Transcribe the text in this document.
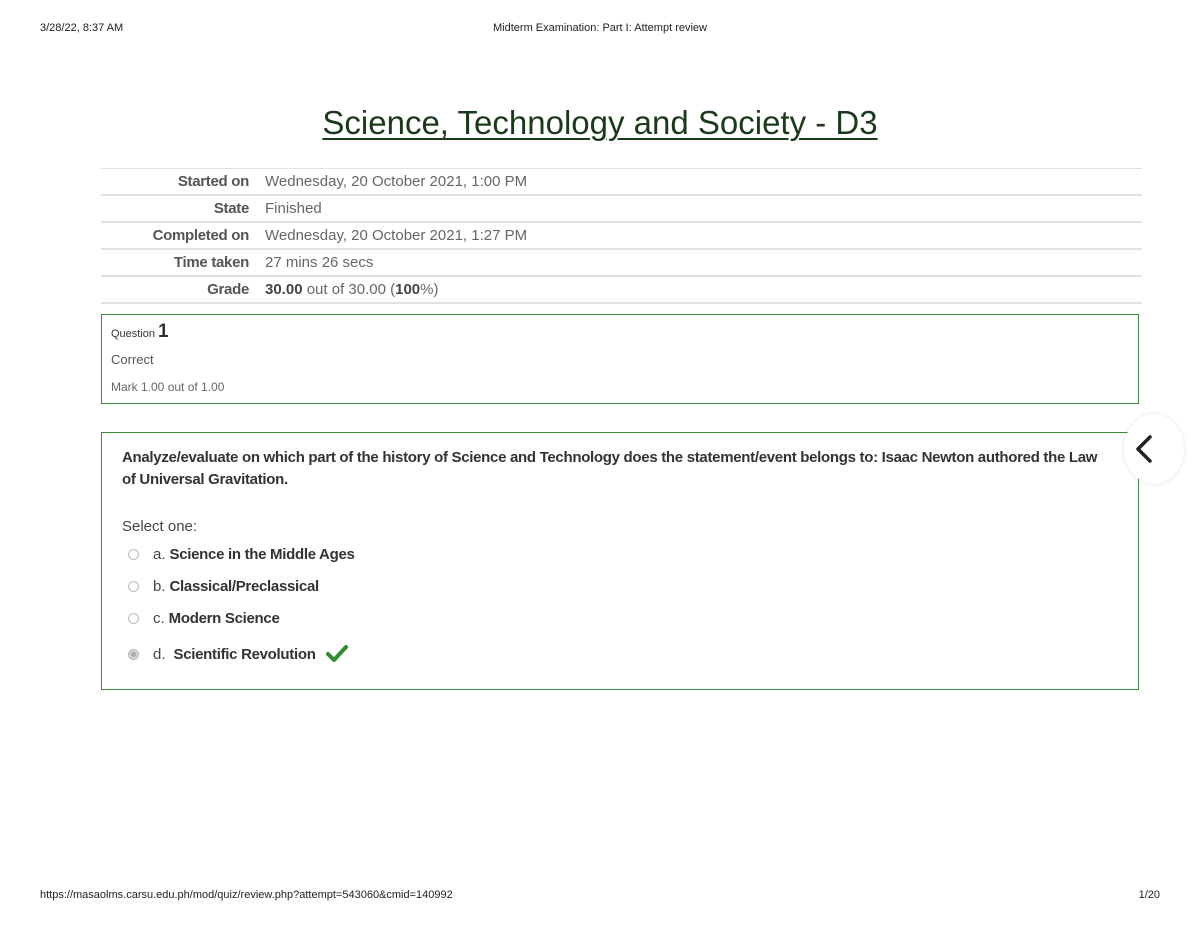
3/28/22, 8:37 AM	Midterm Examination: Part I: Attempt review
Science, Technology and Society - D3
Started on Wednesday, 20 October 2021, 1:00 PM
State Finished
Completed on Wednesday, 20 October 2021, 1:27 PM
Time taken 27 mins 26 secs
Grade 30.00 out of 30.00 (100%)
Question 1
Correct
Mark 1.00 out of 1.00
Analyze/evaluate on which part of the history of Science and Technology does the statement/event belongs to: Isaac Newton authored the Law of Universal Gravitation.
Select one:
a. Science in the Middle Ages
b. Classical/Preclassical
c. Modern Science
d. Scientific Revolution
https://masaolms.carsu.edu.ph/mod/quiz/review.php?attempt=543060&cmid=140992	1/20
